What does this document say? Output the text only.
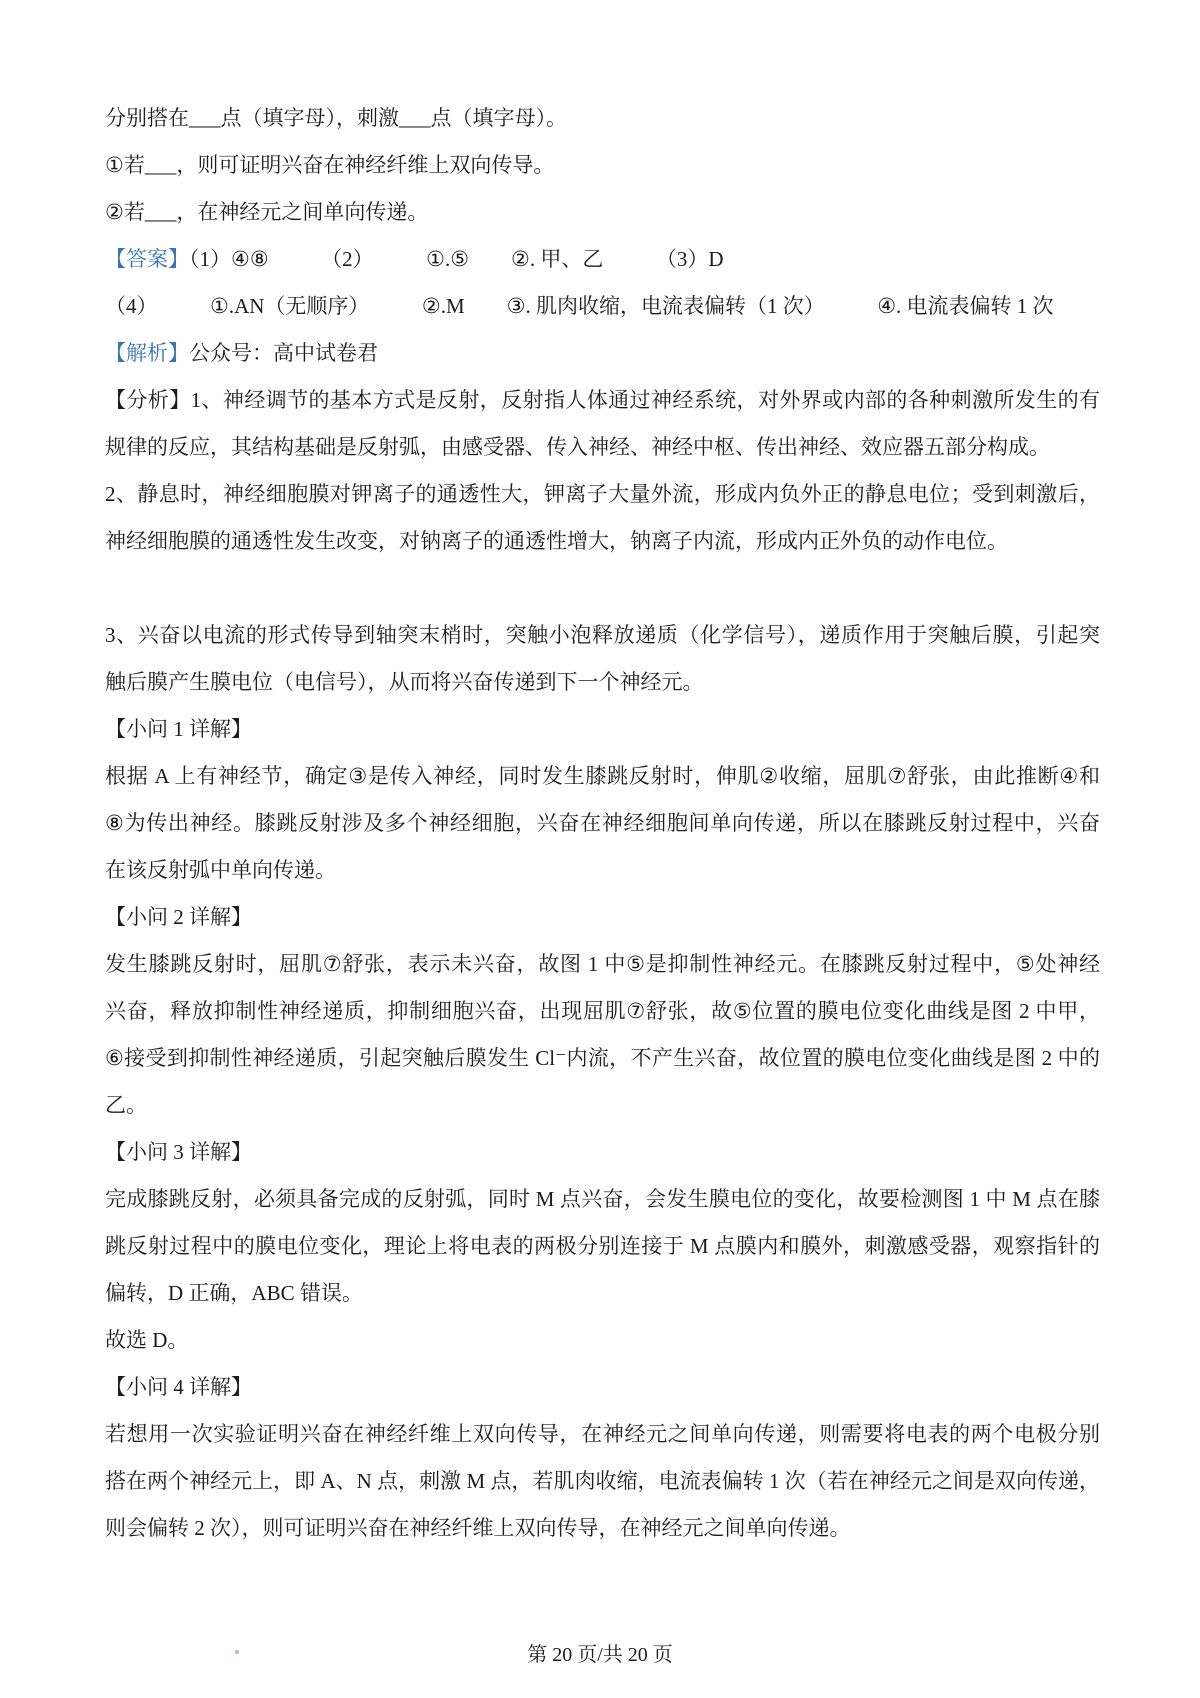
分别搭在___点（填字母），刺激___点（填字母）。
①若___，则可证明兴奋在神经纤维上双向传导。
②若___，在神经元之间单向传递。
【答案】（1）④⑧　　　（2）　　　①.⑤　　②. 甲、乙　　　（3）D
（4）　　　①.AN（无顺序）　　　②.M　　③. 肌肉收缩，电流表偏转（1 次）　　　④. 电流表偏转 1 次
【解析】公众号：高中试卷君
【分析】1、神经调节的基本方式是反射，反射指人体通过神经系统，对外界或内部的各种刺激所发生的有
规律的反应，其结构基础是反射弧，由感受器、传入神经、神经中枢、传出神经、效应器五部分构成。
2、静息时，神经细胞膜对钾离子的通透性大，钾离子大量外流，形成内负外正的静息电位；受到刺激后，
神经细胞膜的通透性发生改变，对钠离子的通透性增大，钠离子内流，形成内正外负的动作电位。

3、兴奋以电流的形式传导到轴突末梢时，突触小泡释放递质（化学信号），递质作用于突触后膜，引起突
触后膜产生膜电位（电信号），从而将兴奋传递到下一个神经元。
【小问 1 详解】
根据 A 上有神经节，确定③是传入神经，同时发生膝跳反射时，伸肌②收缩，屈肌⑦舒张，由此推断④和
⑧为传出神经。膝跳反射涉及多个神经细胞，兴奋在神经细胞间单向传递，所以在膝跳反射过程中，兴奋
在该反射弧中单向传递。
【小问 2 详解】
发生膝跳反射时，屈肌⑦舒张，表示未兴奋，故图 1 中⑤是抑制性神经元。在膝跳反射过程中，⑤处神经
兴奋，释放抑制性神经递质，抑制细胞兴奋，出现屈肌⑦舒张，故⑤位置的膜电位变化曲线是图 2 中甲，
⑥接受到抑制性神经递质，引起突触后膜发生 Cl⁻内流，不产生兴奋，故位置的膜电位变化曲线是图 2 中的
乙。
【小问 3 详解】
完成膝跳反射，必须具备完成的反射弧，同时 M 点兴奋，会发生膜电位的变化，故要检测图 1 中 M 点在膝
跳反射过程中的膜电位变化，理论上将电表的两极分别连接于 M 点膜内和膜外，刺激感受器，观察指针的
偏转，D 正确，ABC 错误。
故选 D。
【小问 4 详解】
若想用一次实验证明兴奋在神经纤维上双向传导，在神经元之间单向传递，则需要将电表的两个电极分别
搭在两个神经元上，即 A、N 点，刺激 M 点，若肌肉收缩，电流表偏转 1 次（若在神经元之间是双向传递，
则会偏转 2 次），则可证明兴奋在神经纤维上双向传导，在神经元之间单向传递。
第 20 页/共 20 页
